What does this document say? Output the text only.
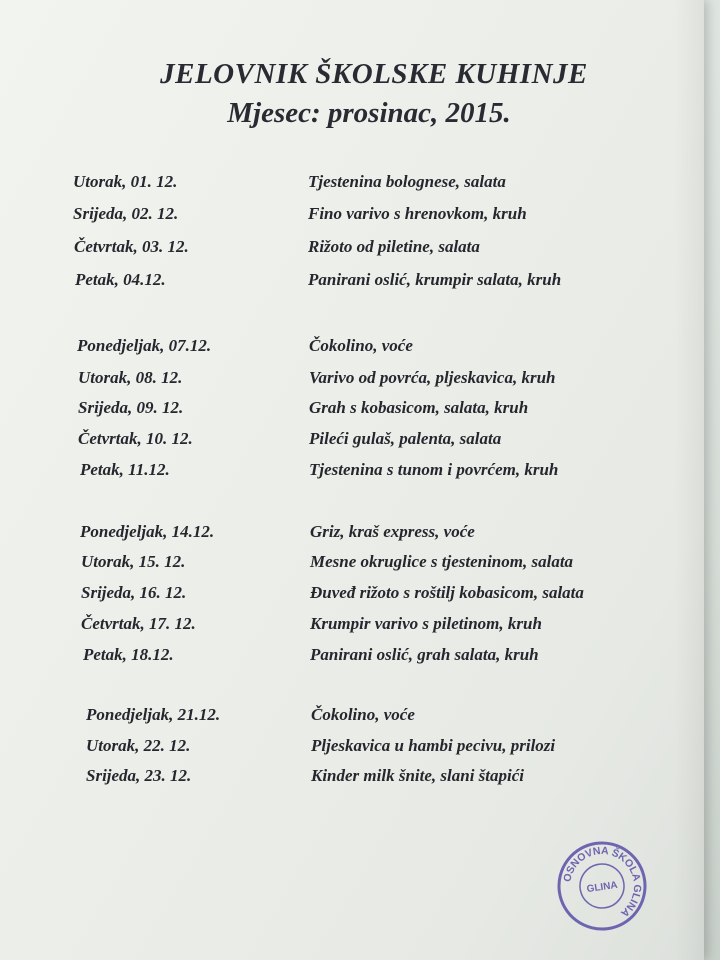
JELOVNIK ŠKOLSKE KUHINJE
Mjesec: prosinac, 2015.
Utorak, 01. 12.	Tjestenina bolognese, salata
Srijeda, 02. 12.	Fino varivo s hrenovkom, kruh
Četvrtak, 03. 12.	Rižoto od piletine, salata
Petak, 04.12.	Panirani oslić, krumpir salata, kruh
Ponedjeljak, 07.12.	Čokolino, voće
Utorak, 08. 12.	Varivo od povrća, pljeskavica, kruh
Srijeda, 09. 12.	Grah s kobasicom, salata, kruh
Četvrtak, 10. 12.	Pileći gulaš, palenta, salata
Petak, 11.12.	Tjestenina s tunom i povrćem, kruh
Ponedjeljak, 14.12.	Griz, kraš express, voće
Utorak, 15. 12.	Mesne okruglice s tjesteninom, salata
Srijeda, 16. 12.	Đuveđ rižoto s roštilj kobasicom, salata
Četvrtak, 17. 12.	Krumpir varivo s piletinom, kruh
Petak, 18.12.	Panirani oslić, grah salata, kruh
Ponedjeljak, 21.12.	Čokolino, voće
Utorak, 22. 12.	Pljeskavica u hambi pecivu, prilozi
Srijeda, 23. 12.	Kinder milk šnite, slani štapići
OSNOVNA ŠKOLA GLINA
GLINA
